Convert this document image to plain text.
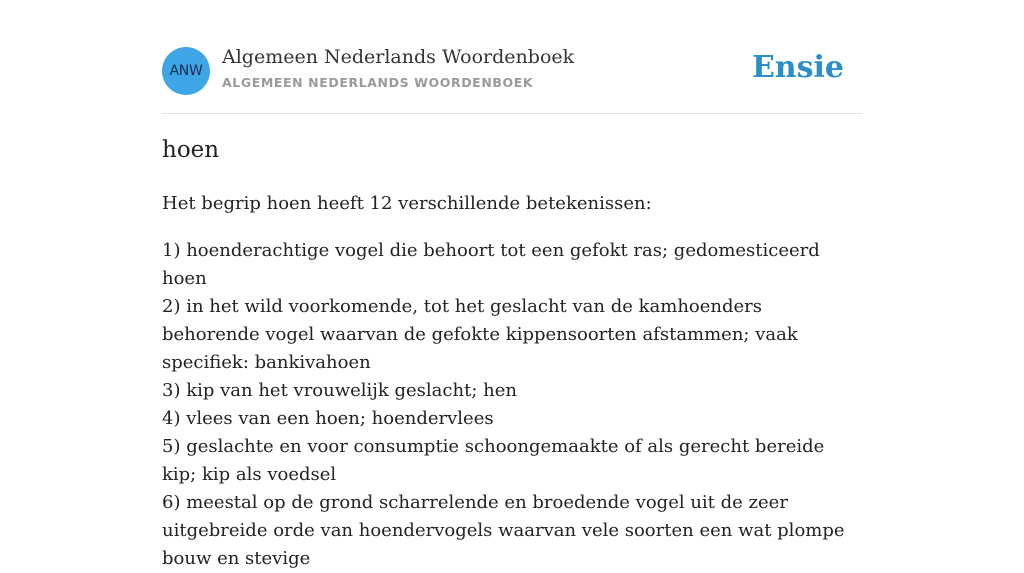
ANW
Algemeen Nederlands Woordenboek
ALGEMEEN NEDERLANDS WOORDENBOEK	Ensie
hoen

Het begrip hoen heeft 12 verschillende betekenissen:

1) hoenderachtige vogel die behoort tot een gefokt ras; gedomesticeerd hoen
2) in het wild voorkomende, tot het geslacht van de kamhoenders behorende vogel waarvan de gefokte kippensoorten afstammen; vaak specifiek: bankivahoen
3) kip van het vrouwelijk geslacht; hen
4) vlees van een hoen; hoendervlees
5) geslachte en voor consumptie schoongemaakte of als gerecht bereide kip; kip als voedsel
6) meestal op de grond scharrelende en broedende vogel uit de zeer uitgebreide orde van hoendervogels waarvan vele soorten een wat plompe bouw en stevige
